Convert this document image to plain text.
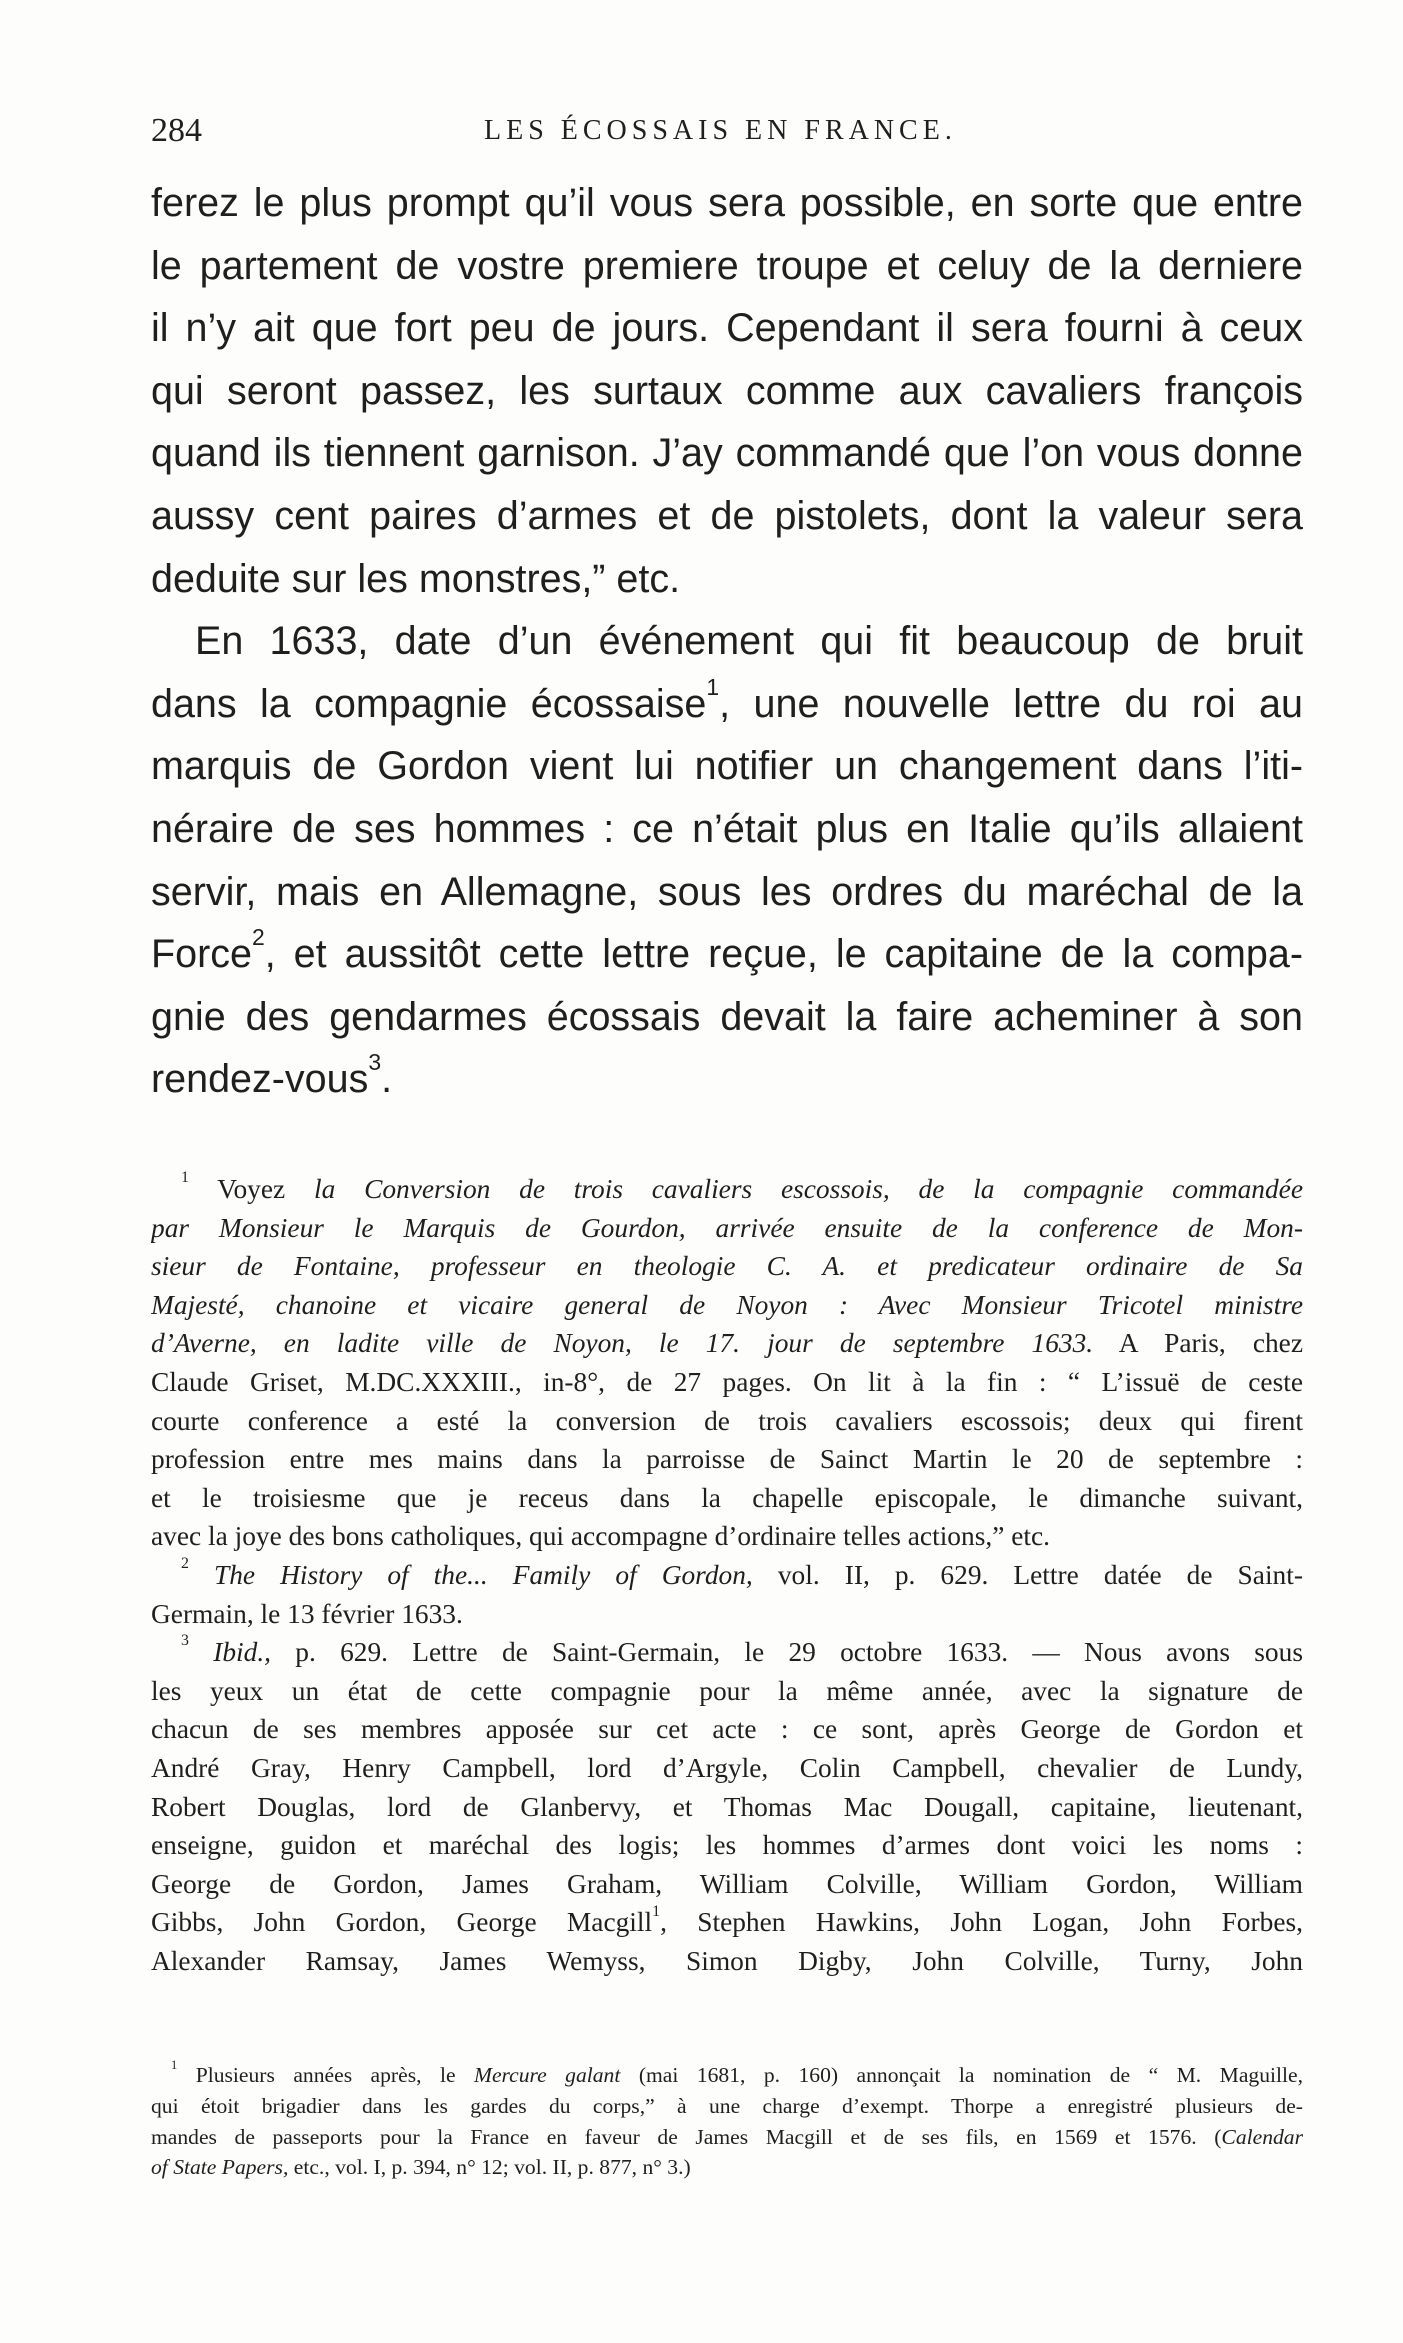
284	LES ÉCOSSAIS EN FRANCE.
ferez le plus prompt qu’il vous sera possible, en sorte que entre
le partement de vostre premiere troupe et celuy de la derniere
il n’y ait que fort peu de jours. Cependant il sera fourni à ceux
qui seront passez, les surtaux comme aux cavaliers françois
quand ils tiennent garnison. J’ay commandé que l’on vous donne
aussy cent paires d’armes et de pistolets, dont la valeur sera
deduite sur les monstres,” etc.
En 1633, date d’un événement qui fit beaucoup de bruit
dans la compagnie écossaise$^1$, une nouvelle lettre du roi au
marquis de Gordon vient lui notifier un changement dans l’iti-
néraire de ses hommes : ce n’était plus en Italie qu’ils allaient
servir, mais en Allemagne, sous les ordres du maréchal de la
Force$^2$, et aussitôt cette lettre reçue, le capitaine de la compa-
gnie des gendarmes écossais devait la faire acheminer à son
rendez-vous$^3$.
$^1$ Voyez la Conversion de trois cavaliers escossois, de la compagnie commandée
par Monsieur le Marquis de Gourdon, arrivée ensuite de la conference de Mon-
sieur de Fontaine, professeur en theologie C. A. et predicateur ordinaire de Sa
Majesté, chanoine et vicaire general de Noyon : Avec Monsieur Tricotel ministre
d’Averne, en ladite ville de Noyon, le 17. jour de septembre 1633. A Paris, chez
Claude Griset, M.DC.XXXIII., in-8°, de 27 pages. On lit à la fin : “ L’issuë de ceste
courte conference a esté la conversion de trois cavaliers escossois; deux qui firent
profession entre mes mains dans la parroisse de Sainct Martin le 20 de septembre :
et le troisiesme que je receus dans la chapelle episcopale, le dimanche suivant,
avec la joye des bons catholiques, qui accompagne d’ordinaire telles actions,” etc.
$^2$ The History of the... Family of Gordon, vol. II, p. 629. Lettre datée de Saint-
Germain, le 13 février 1633.
$^3$ Ibid., p. 629. Lettre de Saint-Germain, le 29 octobre 1633. — Nous avons sous
les yeux un état de cette compagnie pour la même année, avec la signature de
chacun de ses membres apposée sur cet acte : ce sont, après George de Gordon et
André Gray, Henry Campbell, lord d’Argyle, Colin Campbell, chevalier de Lundy,
Robert Douglas, lord de Glanbervy, et Thomas Mac Dougall, capitaine, lieutenant,
enseigne, guidon et maréchal des logis; les hommes d’armes dont voici les noms :
George de Gordon, James Graham, William Colville, William Gordon, William
Gibbs, John Gordon, George Macgill$^1$, Stephen Hawkins, John Logan, John Forbes,
Alexander Ramsay, James Wemyss, Simon Digby, John Colville, Turny, John
$^1$ Plusieurs années après, le Mercure galant (mai 1681, p. 160) annonçait la nomination de “ M. Maguille,
qui étoit brigadier dans les gardes du corps,” à une charge d’exempt. Thorpe a enregistré plusieurs de-
mandes de passeports pour la France en faveur de James Macgill et de ses fils, en 1569 et 1576. (Calendar
of State Papers, etc., vol. I, p. 394, n° 12; vol. II, p. 877, n° 3.)
